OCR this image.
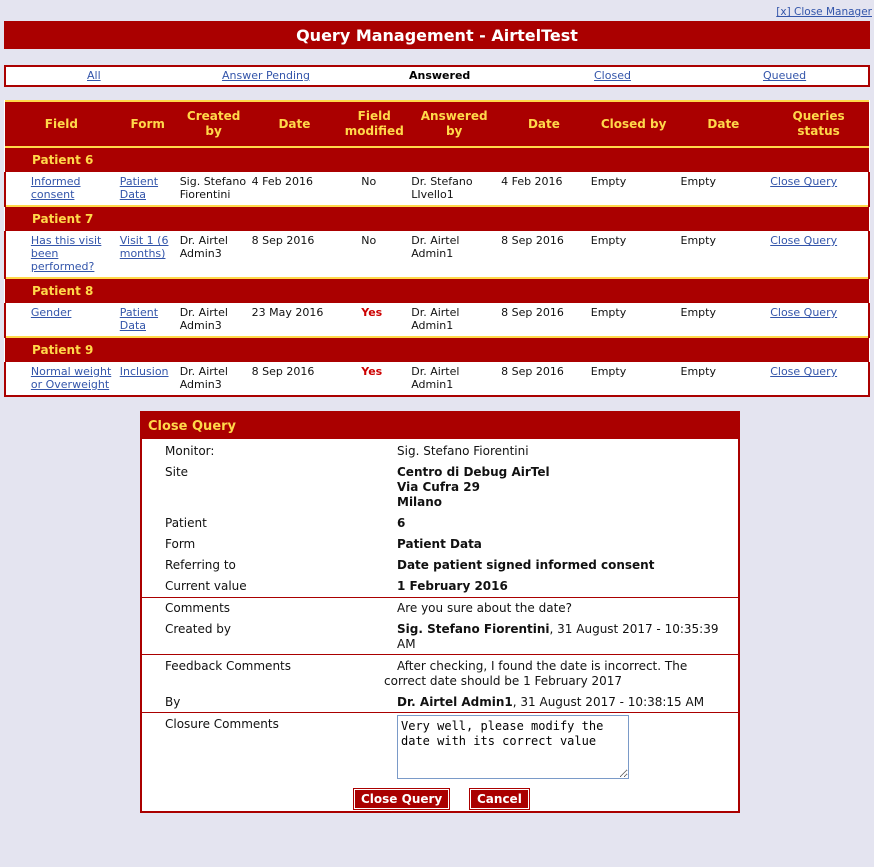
[x] Close Manager
Query Management - AirtelTest
All	Answer Pending	Answered	Closed	Queued
Field		Form	Created by	Date	Field modified	Answered by	Date	Closed by	Date	Queries status
Patient 6										
	Informed consent	Patient Data	Sig. Stefano Fiorentini	4 Feb 2016	No	Dr. Stefano LIvello1	4 Feb 2016	Empty	Empty	Close Query
Patient 7										
	Has this visit been performed?	Visit 1 (6 months)	Dr. Airtel Admin3	8 Sep 2016	No	Dr. Airtel Admin1	8 Sep 2016	Empty	Empty	Close Query
Patient 8										
	Gender	Patient Data	Dr. Airtel Admin3	23 May 2016	Yes	Dr. Airtel Admin1	8 Sep 2016	Empty	Empty	Close Query
Patient 9										
	Normal weight or Overweight	Inclusion	Dr. Airtel Admin3	8 Sep 2016	Yes	Dr. Airtel Admin1	8 Sep 2016	Empty	Empty	Close Query
Close Query
Monitor:	Sig. Stefano Fiorentini
Site	Centro di Debug AirTel
Via Cufra 29
Milano
Patient	6
Form	Patient Data
Referring to	Date patient signed informed consent
Current value	1 February 2016
Comments	Are you sure about the date?
Created by	Sig. Stefano Fiorentini, 31 August 2017 - 10:35:39 AM
Feedback Comments	After checking, I found the date is incorrect. The correct date should be 1 February 2017
By	Dr. Airtel Admin1, 31 August 2017 - 10:38:15 AM
Closure Comments
Very well, please modify the date with its correct value
Close Query	Cancel
